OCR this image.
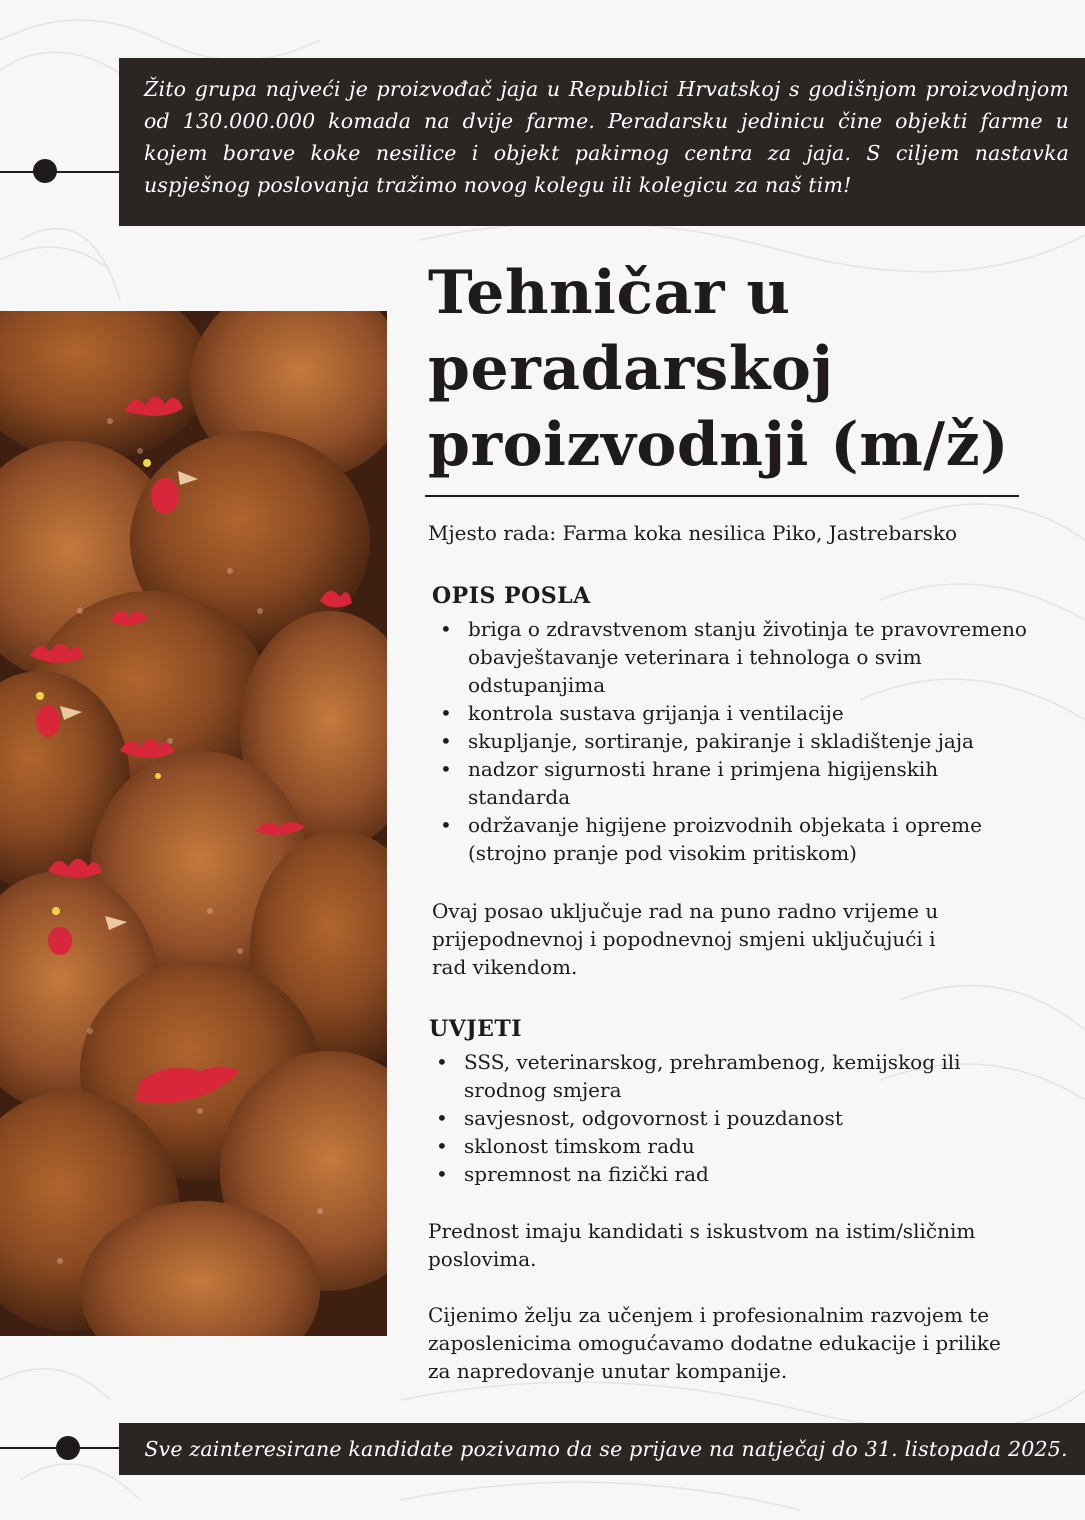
Žito grupa najveći je proizvođač jaja u Republici Hrvatskoj s godišnjom proizvodnjom od 130.000.000 komada na dvije farme. Peradarsku jedinicu čine objekti farme u kojem borave koke nesilice i objekt pakirnog centra za jaja. S ciljem nastavka uspješnog poslovanja tražimo novog kolegu ili kolegicu za naš tim!

Tehničar u
peradarskoj
proizvodnji (m/ž)

Mjesto rada: Farma koka nesilica Piko, Jastrebarsko

OPIS POSLA
• briga o zdravstvenom stanju životinja te pravovremeno obavještavanje veterinara i tehnologa o svim odstupanjima
• kontrola sustava grijanja i ventilacije
• skupljanje, sortiranje, pakiranje i skladištenje jaja
• nadzor sigurnosti hrane i primjena higijenskih standarda
• održavanje higijene proizvodnih objekata i opreme (strojno pranje pod visokim pritiskom)

Ovaj posao uključuje rad na puno radno vrijeme u prijepodnevnoj i popodnevnoj smjeni uključujući i rad vikendom.

UVJETI
• SSS, veterinarskog, prehrambenog, kemijskog ili srodnog smjera
• savjesnost, odgovornost i pouzdanost
• sklonost timskom radu
• spremnost na fizički rad

Prednost imaju kandidati s iskustvom na istim/sličnim poslovima.

Cijenimo želju za učenjem i profesionalnim razvojem te zaposlenicima omogućavamo dodatne edukacije i prilike za napredovanje unutar kompanije.

Sve zainteresirane kandidate pozivamo da se prijave na natječaj do 31. listopada 2025.
